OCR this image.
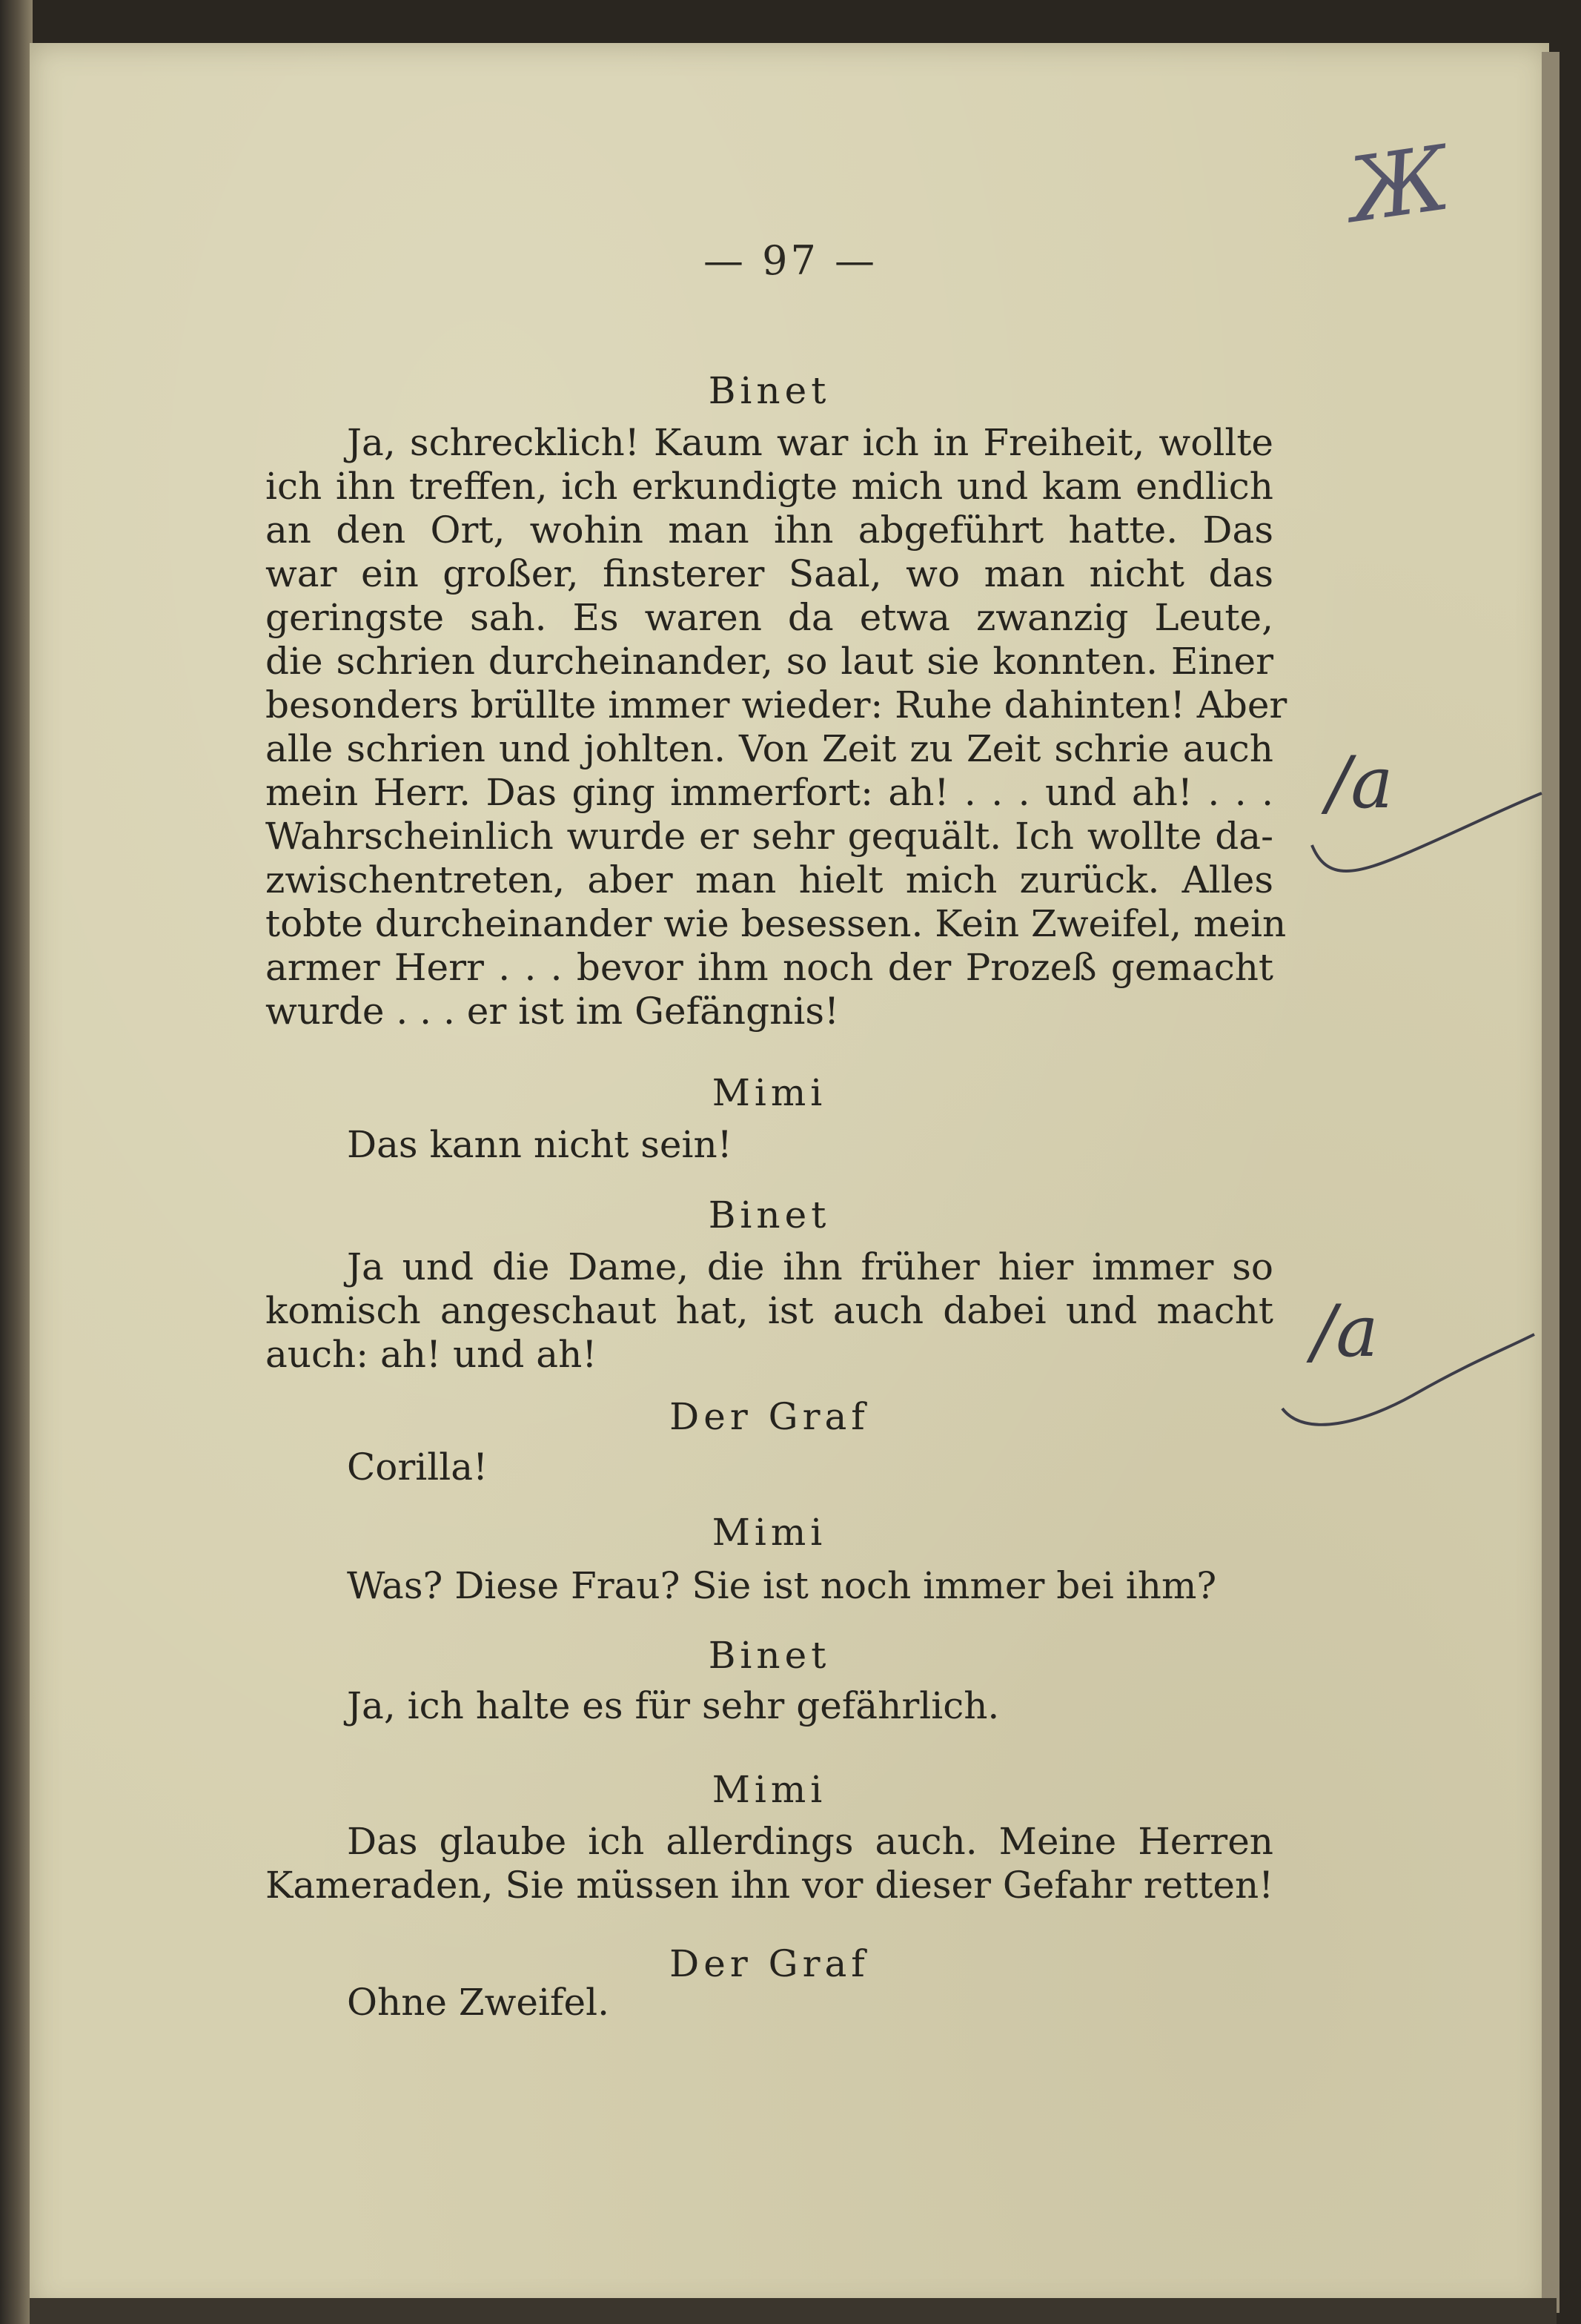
— 97 —
Ж
/a
/a
Binet
Ja, schrecklich! Kaum war ich in Freiheit, wollte
ich ihn treffen, ich erkundigte mich und kam endlich
an den Ort, wohin man ihn abgeführt hatte. Das
war ein großer, finsterer Saal, wo man nicht das
geringste sah. Es waren da etwa zwanzig Leute,
die schrien durcheinander, so laut sie konnten. Einer
besonders brüllte immer wieder: Ruhe dahinten! Aber
alle schrien und johlten. Von Zeit zu Zeit schrie auch
mein Herr. Das ging immerfort: ah! . . . und ah! . . .
Wahrscheinlich wurde er sehr gequält. Ich wollte da-
zwischentreten, aber man hielt mich zurück. Alles
tobte durcheinander wie besessen. Kein Zweifel, mein
armer Herr . . . bevor ihm noch der Prozeß gemacht
wurde . . . er ist im Gefängnis!
Mimi
Das kann nicht sein!
Binet
Ja und die Dame, die ihn früher hier immer so
komisch angeschaut hat, ist auch dabei und macht
auch: ah! und ah!
Der Graf
Corilla!
Mimi
Was? Diese Frau? Sie ist noch immer bei ihm?
Binet
Ja, ich halte es für sehr gefährlich.
Mimi
Das glaube ich allerdings auch. Meine Herren
Kameraden, Sie müssen ihn vor dieser Gefahr retten!
Der Graf
Ohne Zweifel.
